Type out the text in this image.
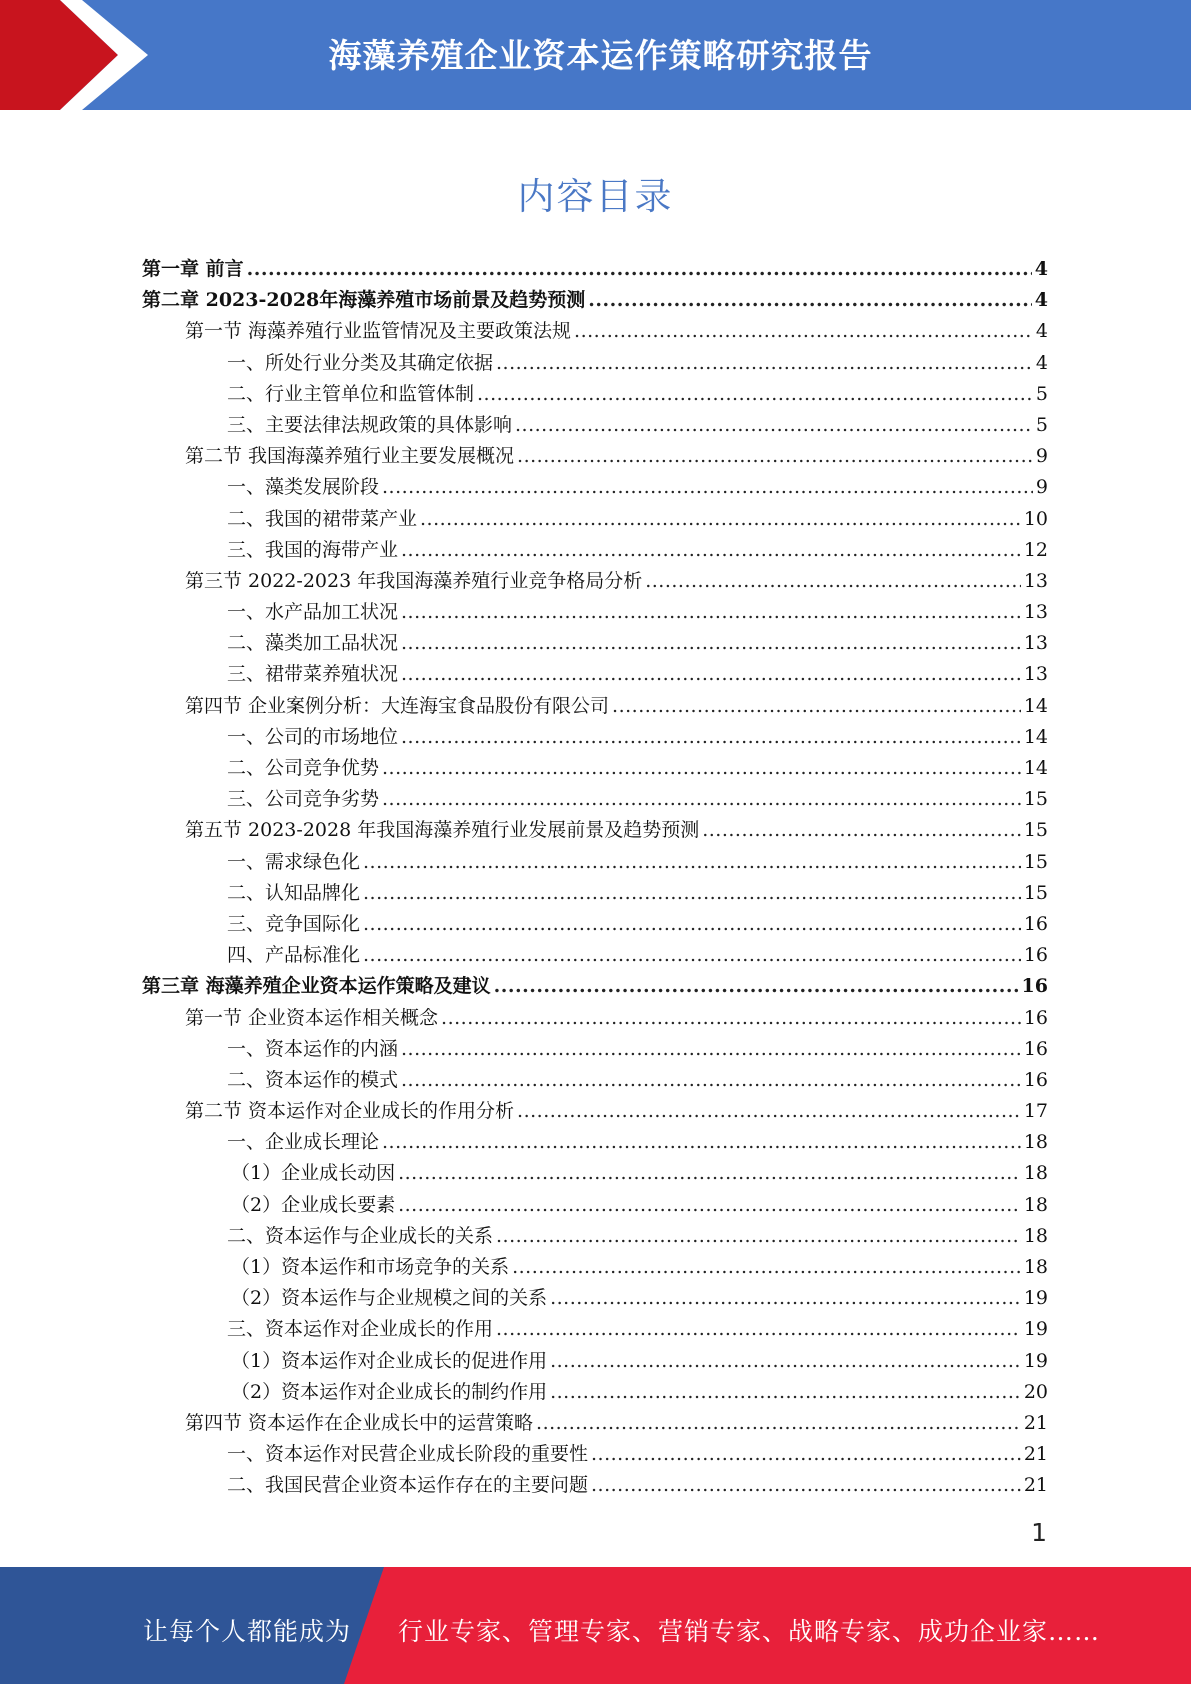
海藻养殖企业资本运作策略研究报告
内容目录
第一章 前言 .....	4
第二章 2023-2028年海藻养殖市场前景及趋势预测 .....	4
第一节 海藻养殖行业监管情况及主要政策法规 .....	4
一、所处行业分类及其确定依据 .....	4
二、行业主管单位和监管体制 .....	5
三、主要法律法规政策的具体影响 .....	5
第二节 我国海藻养殖行业主要发展概况 .....	9
一、藻类发展阶段 .....	9
二、我国的裙带菜产业 .....	10
三、我国的海带产业 .....	12
第三节 2022-2023 年我国海藻养殖行业竞争格局分析 .....	13
一、水产品加工状况 .....	13
二、藻类加工品状况 .....	13
三、裙带菜养殖状况 .....	13
第四节 企业案例分析：大连海宝食品股份有限公司 .....	14
一、公司的市场地位 .....	14
二、公司竞争优势 .....	14
三、公司竞争劣势 .....	15
第五节 2023-2028 年我国海藻养殖行业发展前景及趋势预测 .....	15
一、需求绿色化 .....	15
二、认知品牌化 .....	15
三、竞争国际化 .....	16
四、产品标准化 .....	16
第三章 海藻养殖企业资本运作策略及建议 .....	16
第一节 企业资本运作相关概念 .....	16
一、资本运作的内涵 .....	16
二、资本运作的模式 .....	16
第二节 资本运作对企业成长的作用分析 .....	17
一、企业成长理论 .....	18
（1）企业成长动因 .....	18
（2）企业成长要素 .....	18
二、资本运作与企业成长的关系 .....	18
（1）资本运作和市场竞争的关系 .....	18
（2）资本运作与企业规模之间的关系 .....	19
三、资本运作对企业成长的作用 .....	19
（1）资本运作对企业成长的促进作用 .....	19
（2）资本运作对企业成长的制约作用 .....	20
第四节 资本运作在企业成长中的运营策略 .....	21
一、资本运作对民营企业成长阶段的重要性 .....	21
二、我国民营企业资本运作存在的主要问题 .....	21
1
让每个人都能成为 行业专家、管理专家、营销专家、战略专家、成功企业家……
